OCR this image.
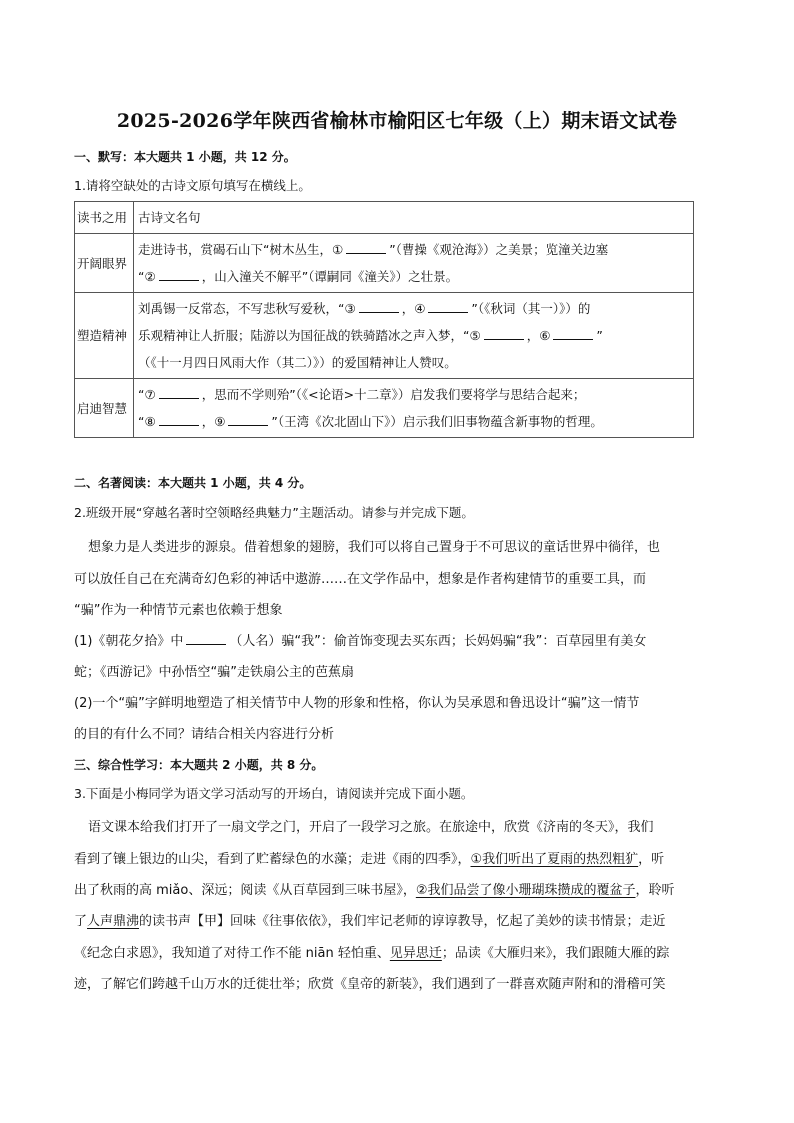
2025-2026学年陕西省榆林市榆阳区七年级（上）期末语文试卷
一、默写：本大题共 1 小题，共 12 分。
1.请将空缺处的古诗文原句填写在横线上。
读书之用	古诗文名句
开阔眼界	走进诗书，赏碣石山下“树木丛生，① ”（曹操《观沧海》）之美景；览潼关边塞
“② ，山入潼关不解平”（谭嗣同《潼关》）之壮景。
塑造精神	刘禹锡一反常态，不写悲秋写爱秋，“③ ，④ ”（《秋词（其一）》）的
乐观精神让人折服；陆游以为国征战的铁骑踏冰之声入梦，“⑤ ，⑥ ”
（《十一月四日风雨大作（其二）》）的爱国精神让人赞叹。
启迪智慧	“⑦ ，思而不学则殆”（《<论语>十二章》）启发我们要将学与思结合起来；
“⑧ ，⑨ ”（王湾《次北固山下》）启示我们旧事物蕴含新事物的哲理。
二、名著阅读：本大题共 1 小题，共 4 分。
2.班级开展“穿越名著时空领略经典魅力”主题活动。请参与并完成下题。
想象力是人类进步的源泉。借着想象的翅膀，我们可以将自己置身于不可思议的童话世界中徜徉，也
可以放任自己在充满奇幻色彩的神话中遨游……在文学作品中，想象是作者构建情节的重要工具，而
“骗”作为一种情节元素也依赖于想象
(1)《朝花夕拾》中	（人名）骗“我”：偷首饰变现去买东西；长妈妈骗“我”：百草园里有美女
蛇；《西游记》中孙悟空“骗”走铁扇公主的芭蕉扇
(2)一个“骗”字鲜明地塑造了相关情节中人物的形象和性格，你认为吴承恩和鲁迅设计“骗”这一情节
的目的有什么不同？请结合相关内容进行分析
三、综合性学习：本大题共 2 小题，共 8 分。
3.下面是小梅同学为语文学习活动写的开场白，请阅读并完成下面小题。
语文课本给我们打开了一扇文学之门，开启了一段学习之旅。在旅途中，欣赏《济南的冬天》，我们
看到了镶上银边的山尖，看到了贮蓄绿色的水藻；走进《雨的四季》，①我们听出了夏雨的热烈粗犷，听
出了秋雨的高 miǎo、深远；阅读《从百草园到三味书屋》，②我们品尝了像小珊瑚珠攒成的覆盆子，聆听
了人声鼎沸的读书声【甲】回味《往事依依》，我们牢记老师的谆谆教导，忆起了美妙的读书情景；走近
《纪念白求恩》，我知道了对待工作不能 niān 轻怕重、见异思迁；品读《大雁归来》，我们跟随大雁的踪
迹，了解它们跨越千山万水的迁徙壮举；欣赏《皇帝的新装》，我们遇到了一群喜欢随声附和的滑稽可笑
